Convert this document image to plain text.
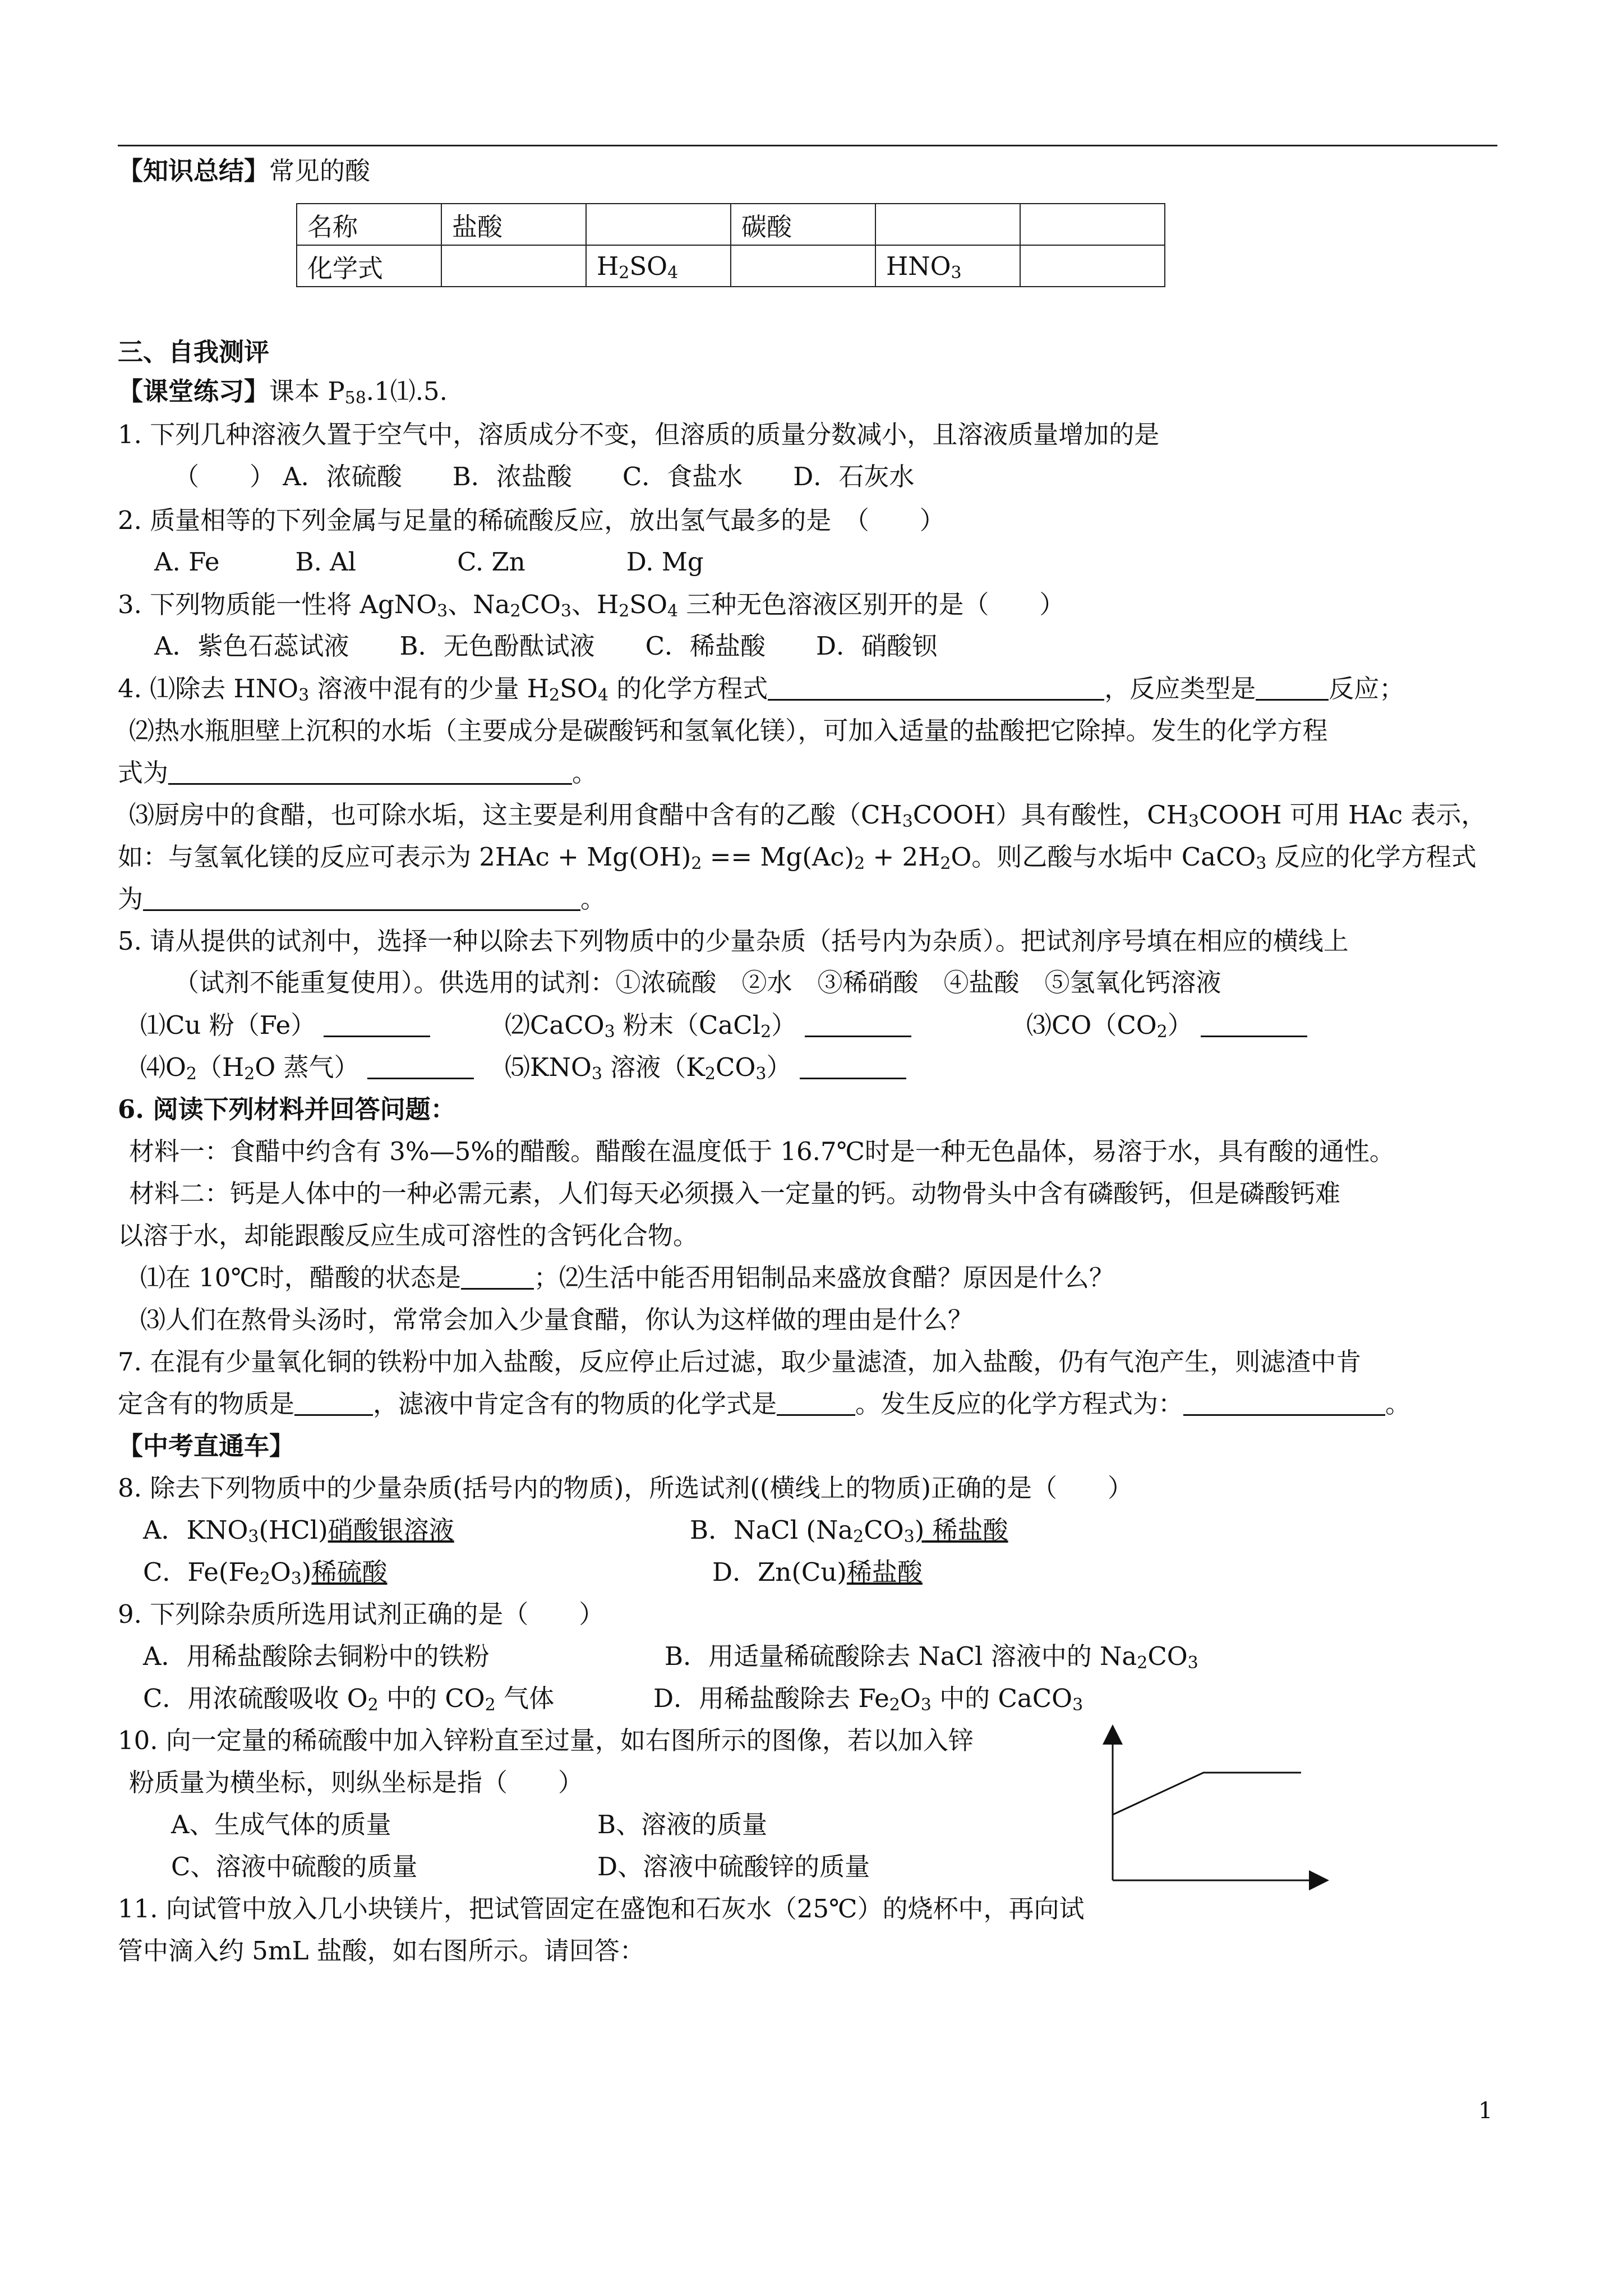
【知识总结】常见的酸
名称	盐酸		碳酸		
化学式		$H_2SO_4$		$HNO_3$	
三、自我测评
【课堂练习】课本 $P_{58}.1⑴.5$.
1. 下列几种溶液久置于空气中，溶质成分不变，但溶质的质量分数减小，且溶液质量增加的是
（　　） A．浓硫酸　　B．浓盐酸　　C．食盐水　　D．石灰水
2. 质量相等的下列金属与足量的稀硫酸反应，放出氢气最多的是　（　　）
A. Fe　　　B. Al　　　　C. Zn　　　　D. Mg
3. 下列物质能一性将 AgNO$_3$、$Na_2CO_3$、$H_2SO_4$ 三种无色溶液区别开的是（　　）
A．紫色石蕊试液　　B．无色酚酞试液　　C．稀盐酸　　D．硝酸钡
4. ⑴除去 $HNO_3$ 溶液中混有的少量 $H_2SO_4$ 的化学方程式	，反应类型是	反应；
⑵热水瓶胆壁上沉积的水垢（主要成分是碳酸钙和氢氧化镁），可加入适量的盐酸把它除掉。发生的化学方程
式为	。
⑶厨房中的食醋，也可除水垢，这主要是利用食醋中含有的乙酸$(CH_3COOH)$具有酸性，$CH_3COOH$ 可用 HAc 表示，
如：与氢氧化镁的反应可表示为 $2HAc + Mg(OH)_2 == Mg(Ac)_2 + 2H_2O$。则乙酸与水垢中 CaCO$_3$ 反应的化学方程式
为	。
5. 请从提供的试剂中，选择一种以除去下列物质中的少量杂质（括号内为杂质）。把试剂序号填在相应的横线上
（试剂不能重复使用）。供选用的试剂：①浓硫酸　②水　③稀硝酸　④盐酸　⑤氢氧化钙溶液
⑴Cu 粉（Fe）	⑵CaCO$_3$ 粉末（CaCl$_2$）	$⑶CO(CO_2)$
$⑷O_2(H_2O$ 蒸气）	$⑸KNO_3$ 溶液$(K_2CO_3)$
6. 阅读下列材料并回答问题：
材料一：食醋中约含有 3%—5%的醋酸。醋酸在温度低于 16.7℃时是一种无色晶体，易溶于水，具有酸的通性。
材料二：钙是人体中的一种必需元素，人们每天必须摄入一定量的钙。动物骨头中含有磷酸钙，但是磷酸钙难
以溶于水，却能跟酸反应生成可溶性的含钙化合物。
⑴在 10℃时，醋酸的状态是	；⑵生活中能否用铝制品来盛放食醋？原因是什么？
⑶人们在熬骨头汤时，常常会加入少量食醋，你认为这样做的理由是什么？
7. 在混有少量氧化铜的铁粉中加入盐酸，反应停止后过滤，取少量滤渣，加入盐酸，仍有气泡产生，则滤渣中肯
定含有的物质是	，滤液中肯定含有的物质的化学式是	。发生反应的化学方程式为：	。
【中考直通车】
8. 除去下列物质中的少量杂质(括号内的物质)，所选试剂((横线上的物质)正确的是（　　）
A．$KNO_3(HCl)$硝酸银溶液	B．NaCl $(Na_2CO_3)$ 稀盐酸
C．$Fe(Fe_2O_3)$稀硫酸	D．Zn(Cu)稀盐酸
9. 下列除杂质所选用试剂正确的是（　　）
A．用稀盐酸除去铜粉中的铁粉	B．用适量稀硫酸除去 NaCl 溶液中的 $Na_2CO_3$
C．用浓硫酸吸收 $O_2$ 中的 $CO_2$ 气体	D．用稀盐酸除去 $Fe_2O_3$ 中的 CaCO$_3$
10. 向一定量的稀硫酸中加入锌粉直至过量，如右图所示的图像，若以加入锌
粉质量为横坐标，则纵坐标是指（　　）
A、生成气体的质量	B、溶液的质量
C、溶液中硫酸的质量	D、溶液中硫酸锌的质量
11. 向试管中放入几小块镁片，把试管固定在盛饱和石灰水（25℃）的烧杯中，再向试
管中滴入约 5mL 盐酸，如右图所示。请回答：
1
